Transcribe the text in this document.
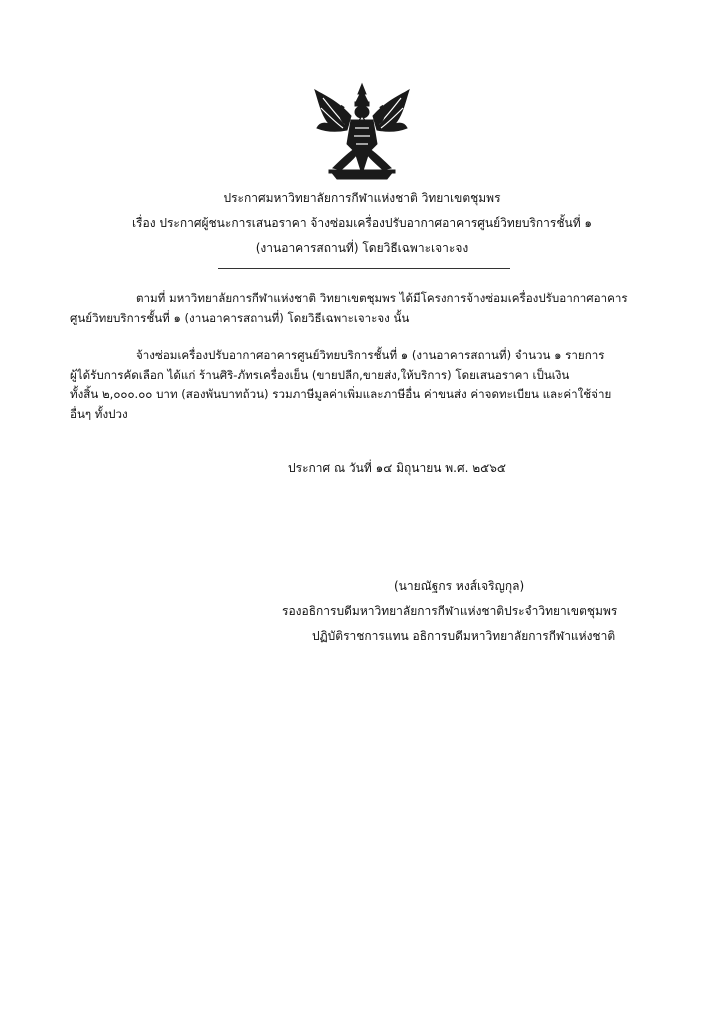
ประกาศมหาวิทยาลัยการกีฬาแห่งชาติ วิทยาเขตชุมพร
เรื่อง ประกาศผู้ชนะการเสนอราคา จ้างซ่อมเครื่องปรับอากาศอาคารศูนย์วิทยบริการชั้นที่ ๑
(งานอาคารสถานที่) โดยวิธีเฉพาะเจาะจง

ตามที่ มหาวิทยาลัยการกีฬาแห่งชาติ วิทยาเขตชุมพร ได้มีโครงการจ้างซ่อมเครื่องปรับอากาศอาคาร

ศูนย์วิทยบริการชั้นที่ ๑ (งานอาคารสถานที่) โดยวิธีเฉพาะเจาะจง นั้น

จ้างซ่อมเครื่องปรับอากาศอาคารศูนย์วิทยบริการชั้นที่ ๑ (งานอาคารสถานที่) จำนวน ๑ รายการ

ผู้ได้รับการคัดเลือก ได้แก่ ร้านศิริ-ภัทรเครื่องเย็น (ขายปลีก,ขายส่ง,ให้บริการ) โดยเสนอราคา เป็นเงิน

ทั้งสิ้น ๒,๐๐๐.๐๐ บาท (สองพันบาทถ้วน) รวมภาษีมูลค่าเพิ่มและภาษีอื่น ค่าขนส่ง ค่าจดทะเบียน และค่าใช้จ่าย

อื่นๆ ทั้งปวง

ประกาศ ณ วันที่ ๑๔ มิถุนายน พ.ศ. ๒๕๖๕
(นายณัฐกร หงส์เจริญกุล)
รองอธิการบดีมหาวิทยาลัยการกีฬาแห่งชาติประจำวิทยาเขตชุมพร
ปฏิบัติราชการแทน อธิการบดีมหาวิทยาลัยการกีฬาแห่งชาติ
